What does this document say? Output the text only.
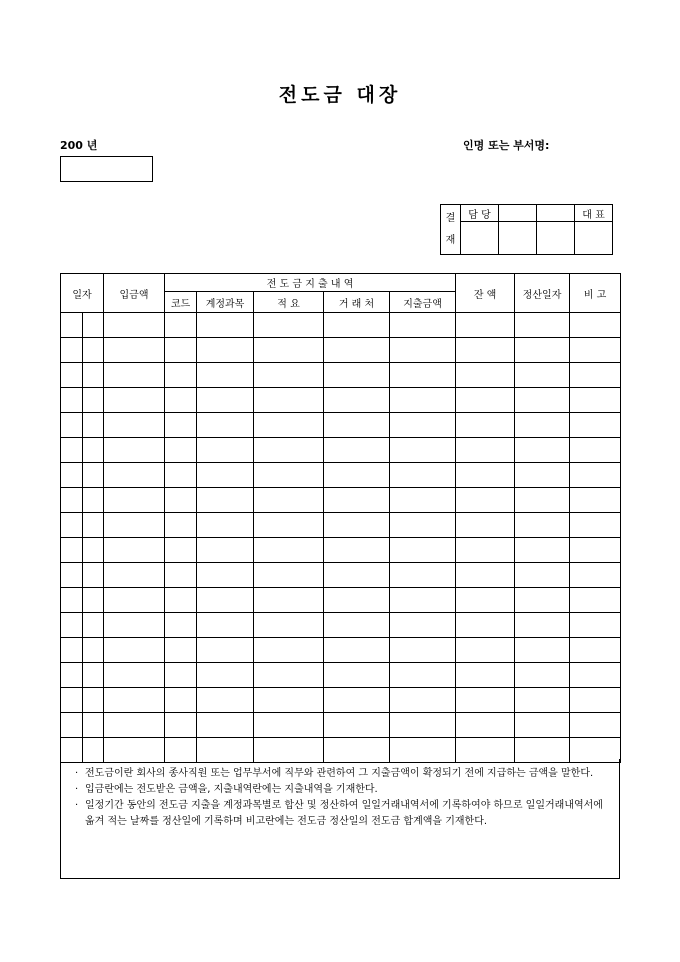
전도금 대장
200 년	인명 또는 부서명:
결
재	담 당			대 표

일자		입금액	전 도 금 지 출 내 역					잔 액	정산일자	비 고
			코드	계정과목	적 요	거 래 처	지출금액			

· 전도금이란 회사의 종사직원 또는 업무부서에 직무와 관련하여 그 지출금액이 확정되기 전에 지급하는 금액을 말한다.
· 입금란에는 전도받은 금액을, 지출내역란에는 지출내역을 기재한다.
· 일정기간 동안의 전도금 지출을 계정과목별로 합산 및 정산하여 일일거래내역서에 기록하여야 하므로 일일거래내역서에 옮겨 적는 날짜를 정산일에 기록하며 비고란에는 전도금 정산일의 전도금 합계액을 기재한다.
